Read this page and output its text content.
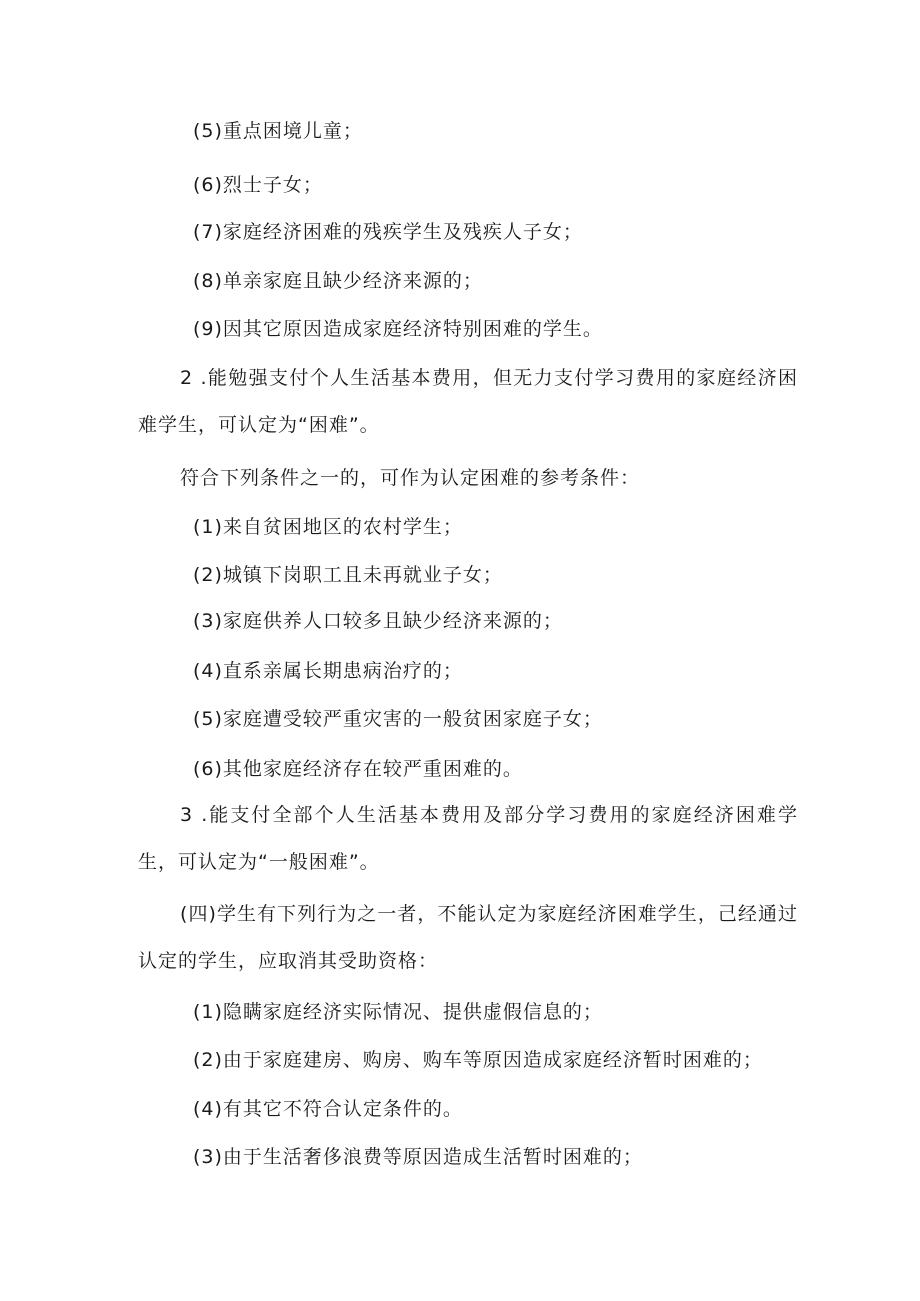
(5)重点困境儿童；
(6)烈士子女；
(7)家庭经济困难的残疾学生及残疾人子女；
(8)单亲家庭且缺少经济来源的；
(9)因其它原因造成家庭经济特别困难的学生。
2 .能勉强支付个人生活基本费用，但无力支付学习费用的家庭经济困难学生，可认定为“困难”。
符合下列条件之一的，可作为认定困难的参考条件：
(1)来自贫困地区的农村学生；
(2)城镇下岗职工且未再就业子女；
(3)家庭供养人口较多且缺少经济来源的；
(4)直系亲属长期患病治疗的；
(5)家庭遭受较严重灾害的一般贫困家庭子女；
(6)其他家庭经济存在较严重困难的。
3 .能支付全部个人生活基本费用及部分学习费用的家庭经济困难学生，可认定为“一般困难”。
(四)学生有下列行为之一者，不能认定为家庭经济困难学生，己经通过认定的学生，应取消其受助资格：
(1)隐瞒家庭经济实际情况、提供虚假信息的；
(2)由于家庭建房、购房、购车等原因造成家庭经济暂时困难的；
(4)有其它不符合认定条件的。
(3)由于生活奢侈浪费等原因造成生活暂时困难的；
